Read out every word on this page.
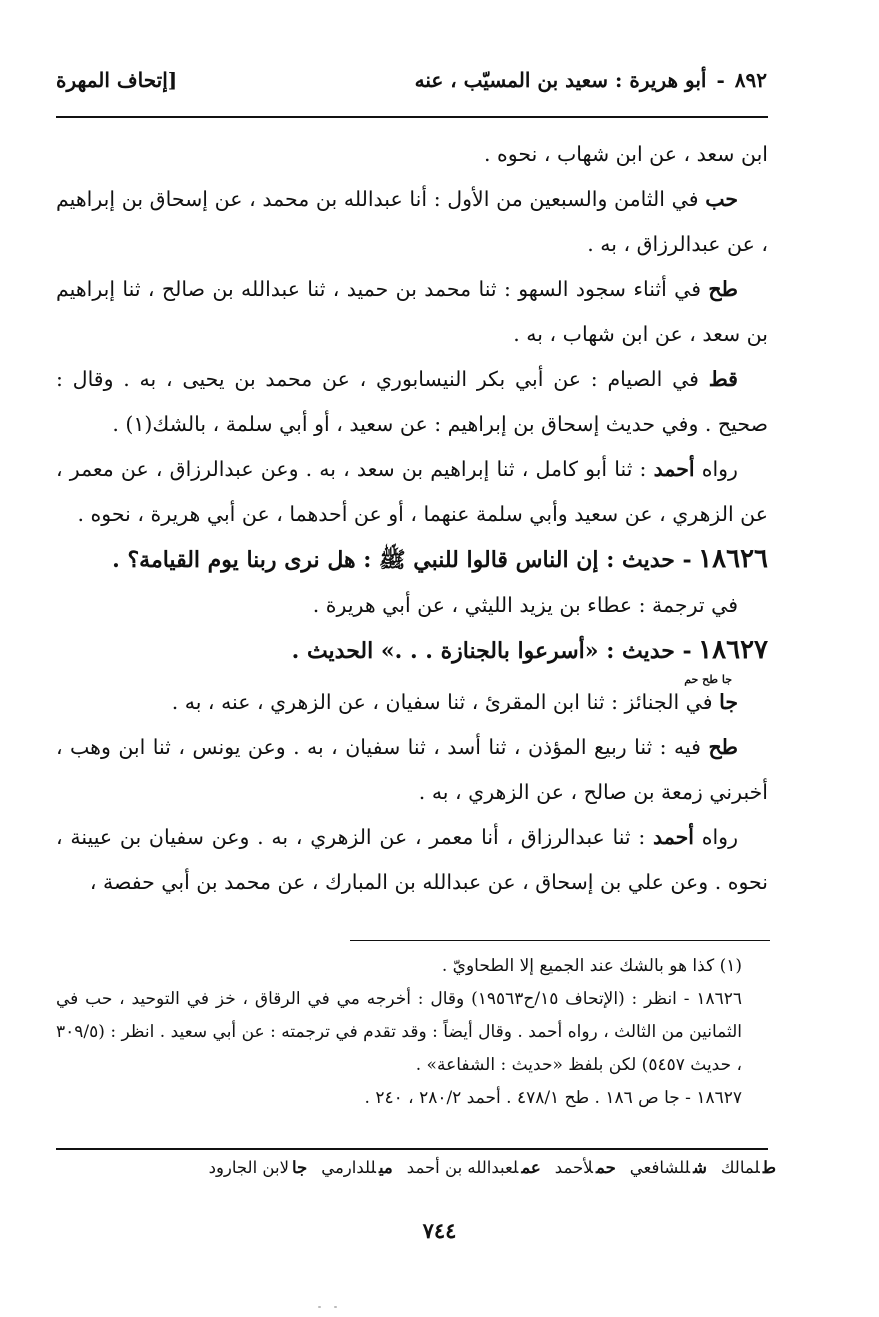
٨٩٢
-
أبو هريرة : سعيد بن المسيّب ، عنه
[إتحاف المهرة

ابن سعد ، عن ابن شهاب ، نحوه .

حب في الثامن والسبعين من الأول : أنا عبدالله بن محمد ، عن إسحاق بن إبراهيم ، عن عبدالرزاق ، به .

طح في أثناء سجود السهو : ثنا محمد بن حميد ، ثنا عبدالله بن صالح ، ثنا إبراهيم بن سعد ، عن ابن شهاب ، به .

قط في الصيام : عن أبي بكر النيسابوري ، عن محمد بن يحيى ، به . وقال : صحيح . وفي حديث إسحاق بن إبراهيم : عن سعيد ، أو أبي سلمة ، بالشك(١) .

رواه أحمد : ثنا أبو كامل ، ثنا إبراهيم بن سعد ، به . وعن عبدالرزاق ، عن معمر ، عن الزهري ، عن سعيد وأبي سلمة عنهما ، أو عن أحدهما ، عن أبي هريرة ، نحوه .

١٨٦٢٦ - حديث : إن الناس قالوا للنبي ﷺ : هل نرى ربنا يوم القيامة؟ .

في ترجمة : عطاء بن يزيد الليثي ، عن أبي هريرة .

١٨٦٢٧ - حديث : «أسرعوا بالجنازة . . .» الحديث .

جا طح حم
جا في الجنائز : ثنا ابن المقرئ ، ثنا سفيان ، عن الزهري ، عنه ، به .

طح فيه : ثنا ربيع المؤذن ، ثنا أسد ، ثنا سفيان ، به . وعن يونس ، ثنا ابن وهب ، أخبرني زمعة بن صالح ، عن الزهري ، به .

رواه أحمد : ثنا عبدالرزاق ، أنا معمر ، عن الزهري ، به . وعن سفيان بن عيينة ، نحوه . وعن علي بن إسحاق ، عن عبدالله بن المبارك ، عن محمد بن أبي حفصة ،

(١) كذا هو بالشك عند الجميع إلا الطحاويّ .

١٨٦٢٦ - انظر : (الإتحاف ١٥/ح١٩٥٦٣) وقال : أخرجه مي في الرقاق ، خز في التوحيد ، حب في الثمانين من الثالث ، رواه أحمد . وقال أيضاً : وقد تقدم في ترجمته : عن أبي سعيد . انظر : (٣٠٩/٥ ، حديث ٥٤٥٧) لكن بلفظ «حديث : الشفاعة» .

١٨٦٢٧ - جا ص ١٨٦ . طح ٤٧٨/١ . أحمد ٢٨٠/٢ ، ٢٤٠ .

طلمالك
شللشافعي
حملأحمد
عملعبدالله بن أحمد
ميللدارمي
جالابن الجارود
٧٤٤
